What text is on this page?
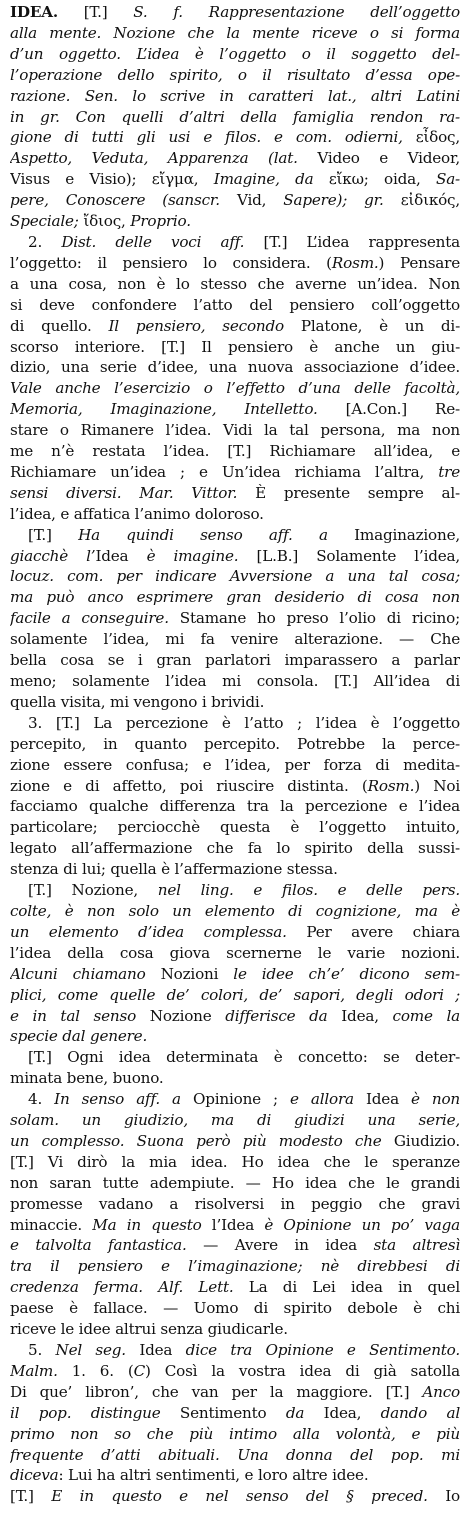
IDEA. [T.] S. f. Rappresentazione dell’oggetto

alla mente. Nozione che la mente riceve o si forma

d’un oggetto. L’idea è l’oggetto o il soggetto del-

l’operazione dello spirito, o il risultato d’essa ope-

razione. Sen. lo scrive in caratteri lat., altri Latini

in gr. Con quelli d’altri della famiglia rendon ra-

gione di tutti gli usi e filos. e com. odierni, εἶδος,

Aspetto, Veduta, Apparenza (lat. Video e Videor,

Visus e Visio); εἴγμα, Imagine, da εἴκω; oida, Sa-

pere, Conoscere (sanscr. Vid, Sapere); gr. εἰδικός,

Speciale; ἴδιος, Proprio.

2. Dist. delle voci aff. [T.] L’idea rappresenta

l’oggetto: il pensiero lo considera. (Rosm.) Pensare

a una cosa, non è lo stesso che averne un’idea. Non

si deve confondere l’atto del pensiero coll’oggetto

di quello. Il pensiero, secondo Platone, è un di-

scorso interiore. [T.] Il pensiero è anche un giu-

dizio, una serie d’idee, una nuova associazione d’idee.

Vale anche l’esercizio o l’effetto d’una delle facoltà,

Memoria, Imaginazione, Intelletto. [A.Con.] Re-

stare o Rimanere l’idea. Vidi la tal persona, ma non

me n’è restata l’idea. [T.] Richiamare all’idea, e

Richiamare un’idea ; e Un’idea richiama l’altra, tre

sensi diversi. Mar. Vittor. È presente sempre al-

l’idea, e affatica l’animo doloroso.

[T.] Ha quindi senso aff. a Imaginazione,

giacchè l’Idea è imagine. [L.B.] Solamente l’idea,

locuz. com. per indicare Avversione a una tal cosa;

ma può anco esprimere gran desiderio di cosa non

facile a conseguire. Stamane ho preso l’olio di ricino;

solamente l’idea, mi fa venire alterazione. — Che

bella cosa se i gran parlatori imparassero a parlar

meno; solamente l’idea mi consola. [T.] All’idea di

quella visita, mi vengono i brividi.

3. [T.] La percezione è l’atto ; l’idea è l’oggetto

percepito, in quanto percepito. Potrebbe la perce-

zione essere confusa; e l’idea, per forza di medita-

zione e di affetto, poi riuscire distinta. (Rosm.) Noi

facciamo qualche differenza tra la percezione e l’idea

particolare; perciocchè questa è l’oggetto intuito,

legato all’affermazione che fa lo spirito della sussi-

stenza di lui; quella è l’affermazione stessa.

[T.] Nozione, nel ling. e filos. e delle pers.

colte, è non solo un elemento di cognizione, ma è

un elemento d’idea complessa. Per avere chiara

l’idea della cosa giova scernerne le varie nozioni.

Alcuni chiamano Nozioni le idee ch’e’ dicono sem-

plici, come quelle de’ colori, de’ sapori, degli odori ;

e in tal senso Nozione differisce da Idea, come la

specie dal genere.

[T.] Ogni idea determinata è concetto: se deter-

minata bene, buono.

4. In senso aff. a Opinione ; e allora Idea è non

solam. un giudizio, ma di giudizi una serie,

un complesso. Suona però più modesto che Giudizio.

[T.] Vi dirò la mia idea. Ho idea che le speranze

non saran tutte adempiute. — Ho idea che le grandi

promesse vadano a risolversi in peggio che gravi

minaccie. Ma in questo l’Idea è Opinione un po’ vaga

e talvolta fantastica. — Avere in idea sta altresì

tra il pensiero e l’imaginazione; nè direbbesi di

credenza ferma. Alf. Lett. La di Lei idea in quel

paese è fallace. — Uomo di spirito debole è chi

riceve le idee altrui senza giudicarle.

5. Nel seg. Idea dice tra Opinione e Sentimento.

Malm. 1. 6. (C) Così la vostra idea di già satolla

Di que’ libron’, che van per la maggiore. [T.] Anco

il pop. distingue Sentimento da Idea, dando al

primo non so che più intimo alla volontà, e più

frequente d’atti abituali. Una donna del pop. mi

diceva: Lui ha altri sentimenti, e loro altre idee.

[T.] E in questo e nel senso del § preced. Io
